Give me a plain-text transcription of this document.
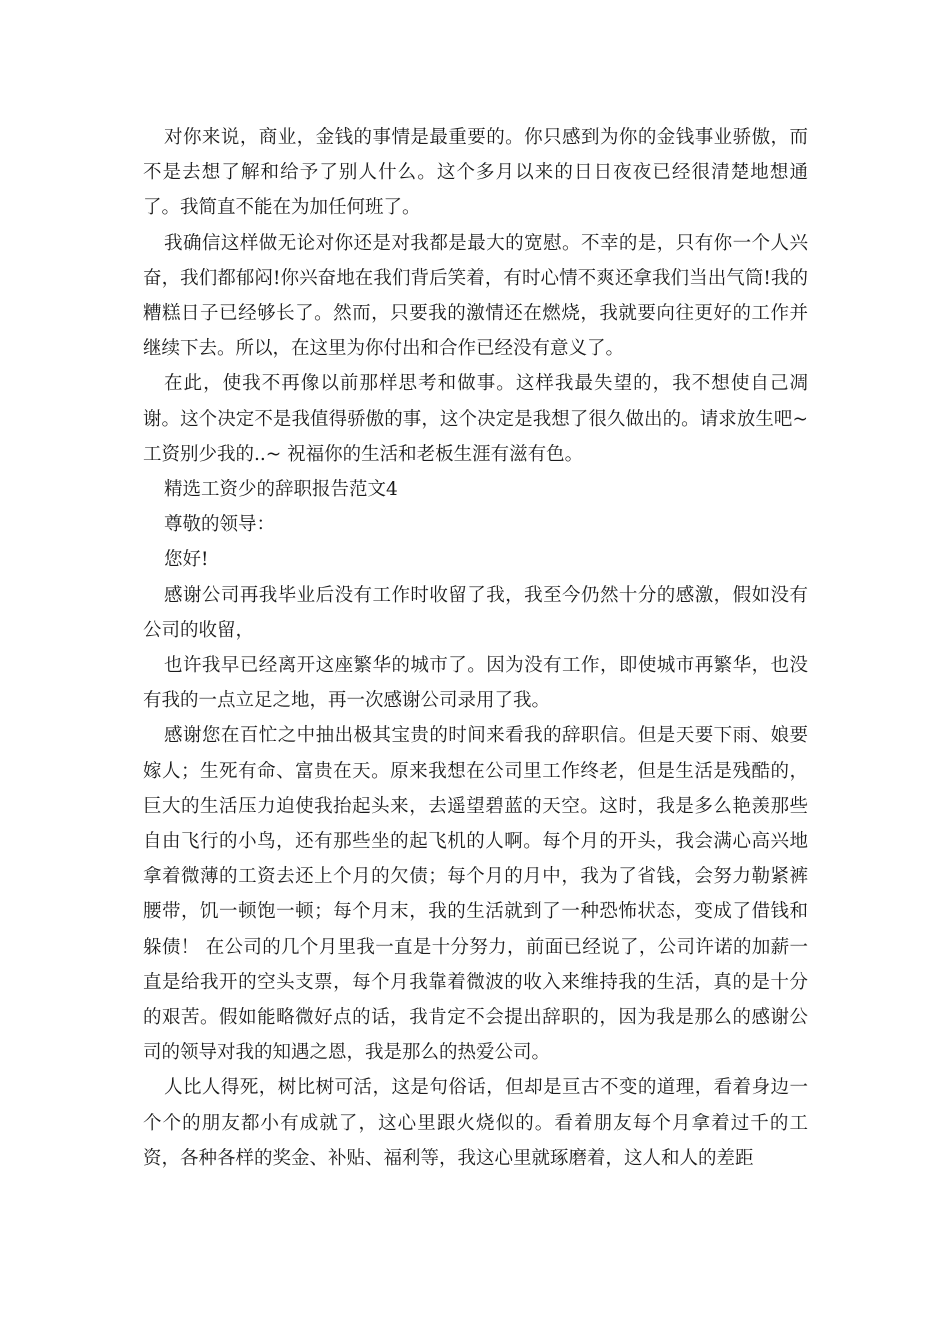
对你来说，商业，金钱的事情是最重要的。你只感到为你的金钱事业骄傲，而不是去想了解和给予了别人什么。这个多月以来的日日夜夜已经很清楚地想通了。我简直不能在为加任何班了。

我确信这样做无论对你还是对我都是最大的宽慰。不幸的是，只有你一个人兴奋，我们都郁闷!你兴奋地在我们背后笑着，有时心情不爽还拿我们当出气筒!我的糟糕日子已经够长了。然而，只要我的激情还在燃烧，我就要向往更好的工作并继续下去。所以，在这里为你付出和合作已经没有意义了。

在此，使我不再像以前那样思考和做事。这样我最失望的，我不想使自己凋谢。这个决定不是我值得骄傲的事，这个决定是我想了很久做出的。请求放生吧~工资别少我的..~ 祝福你的生活和老板生涯有滋有色。

精选工资少的辞职报告范文4

尊敬的领导：

您好!

感谢公司再我毕业后没有工作时收留了我，我至今仍然十分的感激，假如没有公司的收留，

也许我早已经离开这座繁华的城市了。因为没有工作，即使城市再繁华，也没有我的一点立足之地，再一次感谢公司录用了我。

感谢您在百忙之中抽出极其宝贵的时间来看我的辞职信。但是天要下雨、娘要嫁人；生死有命、富贵在天。原来我想在公司里工作终老，但是生活是残酷的，巨大的生活压力迫使我抬起头来，去遥望碧蓝的天空。这时，我是多么艳羡那些自由飞行的小鸟，还有那些坐的起飞机的人啊。每个月的开头，我会满心高兴地拿着微薄的工资去还上个月的欠债；每个月的月中，我为了省钱，会努力勒紧裤腰带，饥一顿饱一顿；每个月末，我的生活就到了一种恐怖状态，变成了借钱和躲债！ 在公司的几个月里我一直是十分努力，前面已经说了，公司许诺的加薪一直是给我开的空头支票，每个月我靠着微波的收入来维持我的生活，真的是十分的艰苦。假如能略微好点的话，我肯定不会提出辞职的，因为我是那么的感谢公司的领导对我的知遇之恩，我是那么的热爱公司。

人比人得死，树比树可活，这是句俗话，但却是亘古不变的道理，看着身边一个个的朋友都小有成就了，这心里跟火烧似的。看着朋友每个月拿着过千的工资，各种各样的奖金、补贴、福利等，我这心里就琢磨着，这人和人的差距
